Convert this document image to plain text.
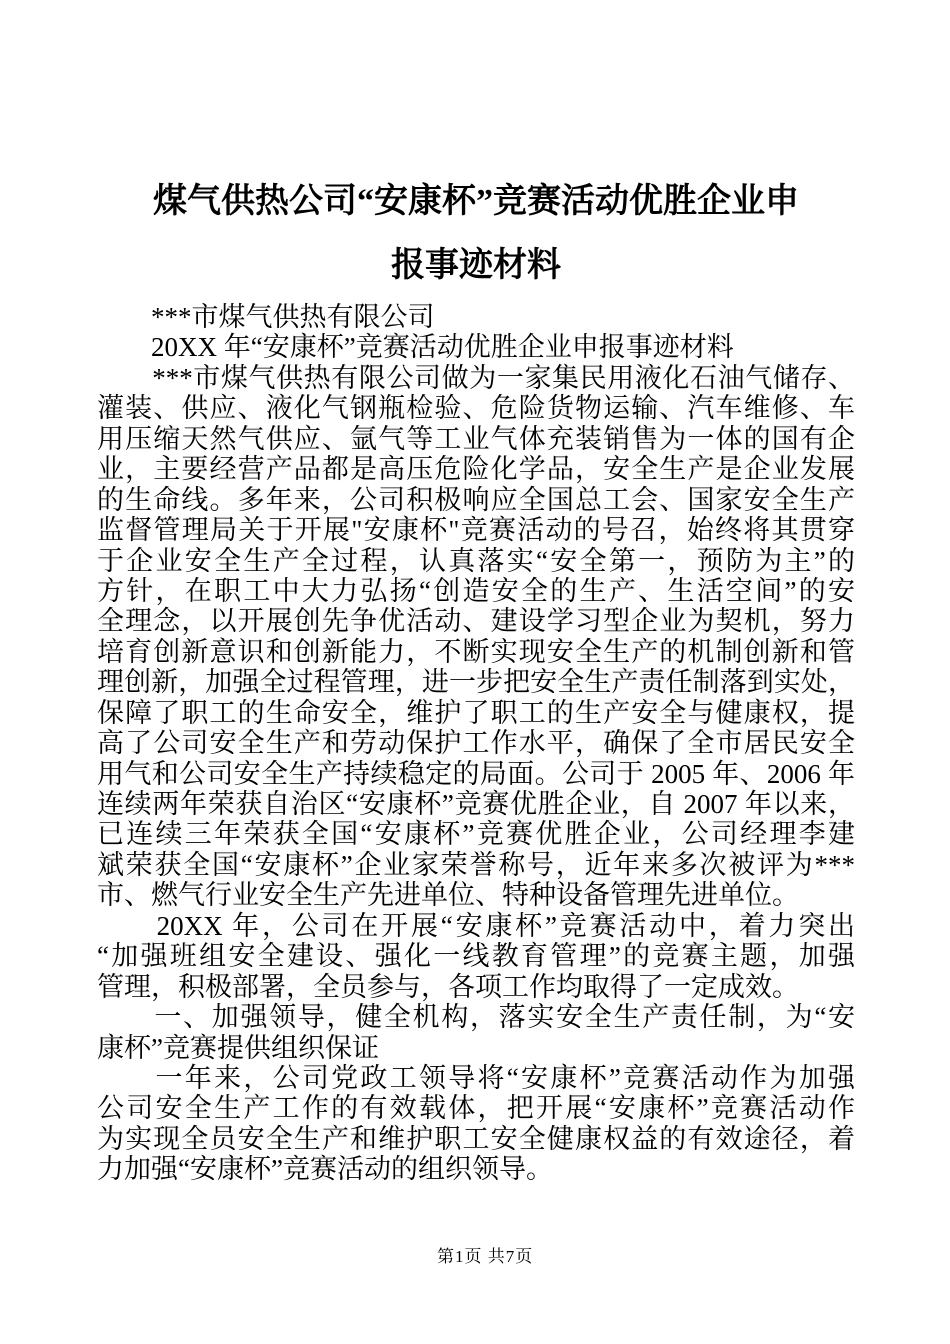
煤气供热公司“安康杯”竞赛活动优胜企业申
报事迹材料
　　***市煤气供热有限公司
　　20XX 年“安康杯”竞赛活动优胜企业申报事迹材料
　　***市煤气供热有限公司做为一家集民用液化石油气储存、
灌装、供应、液化气钢瓶检验、危险货物运输、汽车维修、车
用压缩天然气供应、氩气等工业气体充装销售为一体的国有企
业，主要经营产品都是高压危险化学品，安全生产是企业发展
的生命线。多年来，公司积极响应全国总工会、国家安全生产
监督管理局关于开展"安康杯"竞赛活动的号召，始终将其贯穿
于企业安全生产全过程，认真落实“安全第一，预防为主”的
方针，在职工中大力弘扬“创造安全的生产、生活空间”的安
全理念，以开展创先争优活动、建设学习型企业为契机，努力
培育创新意识和创新能力，不断实现安全生产的机制创新和管
理创新，加强全过程管理，进一步把安全生产责任制落到实处，
保障了职工的生命安全，维护了职工的生产安全与健康权，提
高了公司安全生产和劳动保护工作水平，确保了全市居民安全
用气和公司安全生产持续稳定的局面。公司于 2005 年、2006 年
连续两年荣获自治区“安康杯”竞赛优胜企业，自 2007 年以来，
已连续三年荣获全国“安康杯”竞赛优胜企业，公司经理李建
斌荣获全国“安康杯”企业家荣誉称号，近年来多次被评为***
市、燃气行业安全生产先进单位、特种设备管理先进单位。
　　20XX 年，公司在开展“安康杯”竞赛活动中，着力突出
“加强班组安全建设、强化一线教育管理”的竞赛主题，加强
管理，积极部署，全员参与，各项工作均取得了一定成效。
　　一、加强领导，健全机构，落实安全生产责任制，为“安
康杯”竞赛提供组织保证
　　一年来，公司党政工领导将“安康杯”竞赛活动作为加强
公司安全生产工作的有效载体，把开展“安康杯”竞赛活动作
为实现全员安全生产和维护职工安全健康权益的有效途径，着
力加强“安康杯”竞赛活动的组织领导。
第1页 共7页
